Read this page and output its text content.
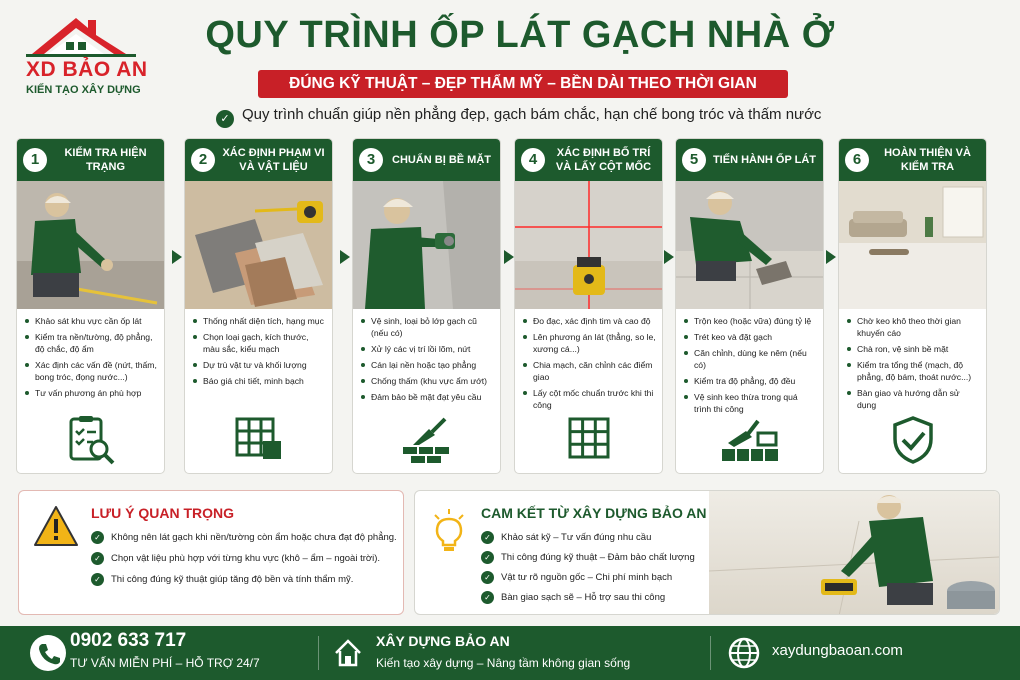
XD BẢO AN
KIẾN TẠO XÂY DỰNG
QUY TRÌNH ỐP LÁT GẠCH NHÀ Ở
ĐÚNG KỸ THUẬT – ĐẸP THẨM MỸ – BỀN DÀI THEO THỜI GIAN
✓ Quy trình chuẩn giúp nền phẳng đẹp, gạch bám chắc, hạn chế bong tróc và thấm nước
1	KIỂM TRA HIỆN TRẠNG
Khảo sát khu vực cần ốp lát
Kiểm tra nền/tường, độ phẳng, độ chắc, độ ẩm
Xác định các vấn đề (nứt, thấm, bong tróc, đọng nước...)
Tư vấn phương án phù hợp
2	XÁC ĐỊNH PHẠM VI VÀ VẬT LIỆU
Thống nhất diện tích, hạng mục
Chọn loại gạch, kích thước, màu sắc, kiểu mạch
Dự trù vật tư và khối lượng
Báo giá chi tiết, minh bạch
3	CHUẨN BỊ BỀ MẶT
Vệ sinh, loại bỏ lớp gạch cũ (nếu có)
Xử lý các vị trí lồi lõm, nứt
Cán lại nền hoặc tạo phẳng
Chống thấm (khu vực ẩm ướt)
Đảm bảo bề mặt đạt yêu cầu
4	XÁC ĐỊNH BỐ TRÍ VÀ LẤY CỘT MỐC
Đo đạc, xác định tim và cao độ
Lên phương án lát (thẳng, so le, xương cá...)
Chia mạch, căn chỉnh các điểm giao
Lấy cột mốc chuẩn trước khi thi công
5	TIẾN HÀNH ỐP LÁT
Trộn keo (hoặc vữa) đúng tỷ lệ
Trét keo và đặt gạch
Căn chỉnh, dùng ke nêm (nếu có)
Kiểm tra độ phẳng, độ đều
Vệ sinh keo thừa trong quá trình thi công
6	HOÀN THIỆN VÀ KIỂM TRA
Chờ keo khô theo thời gian khuyến cáo
Chà ron, vệ sinh bề mặt
Kiểm tra tổng thể (mạch, độ phẳng, độ bám, thoát nước...)
Bàn giao và hướng dẫn sử dụng
LƯU Ý QUAN TRỌNG
✓	Không nên lát gạch khi nền/tường còn ẩm hoặc chưa đạt độ phẳng.
✓	Chọn vật liệu phù hợp với từng khu vực (khô – ẩm – ngoài trời).
✓	Thi công đúng kỹ thuật giúp tăng độ bền và tính thẩm mỹ.
CAM KẾT TỪ XÂY DỰNG BẢO AN
✓	Khảo sát kỹ – Tư vấn đúng nhu cầu
✓	Thi công đúng kỹ thuật – Đảm bảo chất lượng
✓	Vật tư rõ nguồn gốc – Chi phí minh bạch
✓	Bàn giao sạch sẽ – Hỗ trợ sau thi công
0902 633 717
TƯ VẤN MIỄN PHÍ – HỖ TRỢ 24/7
XÂY DỰNG BẢO AN
Kiến tạo xây dựng – Nâng tầm không gian sống
xaydungbaoan.com
